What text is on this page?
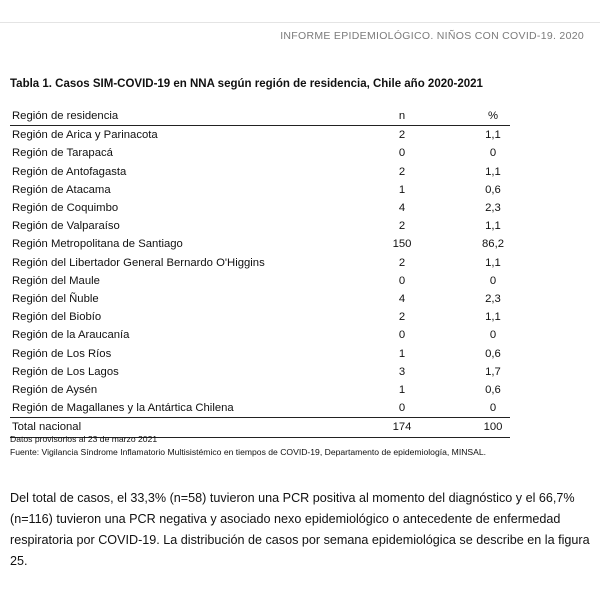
INFORME EPIDEMIOLÓGICO. NIÑOS CON COVID-19. 2020
Tabla 1. Casos SIM-COVID-19 en NNA según región de residencia, Chile año 2020-2021
Región de residencia	n	%
Región de Arica y Parinacota	2	1,1
Región de Tarapacá	0	0
Región de Antofagasta	2	1,1
Región de Atacama	1	0,6
Región de Coquimbo	4	2,3
Región de Valparaíso	2	1,1
Región Metropolitana de Santiago	150	86,2
Región del Libertador General Bernardo O'Higgins	2	1,1
Región del Maule	0	0
Región del Ñuble	4	2,3
Región del Biobío	2	1,1
Región de la Araucanía	0	0
Región de Los Ríos	1	0,6
Región de Los Lagos	3	1,7
Región de Aysén	1	0,6
Región de Magallanes y la Antártica Chilena	0	0
Total nacional	174	100
Datos provisorios al 23 de marzo 2021
Fuente: Vigilancia Síndrome Inflamatorio Multisistémico en tiempos de COVID-19, Departamento de epidemiología, MINSAL.
Del total de casos, el 33,3% (n=58) tuvieron una PCR positiva al momento del diagnóstico y el 66,7% (n=116) tuvieron una PCR negativa y asociado nexo epidemiológico o antecedente de enfermedad respiratoria por COVID-19. La distribución de casos por semana epidemiológica se describe en la figura 25.
